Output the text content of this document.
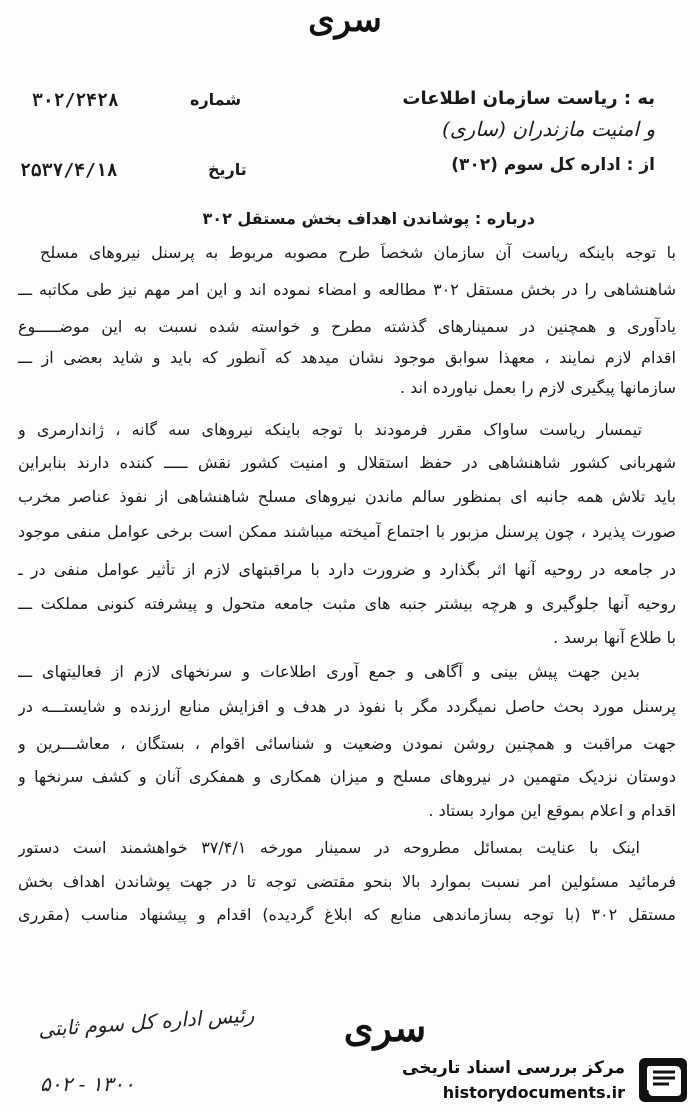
سری
به : ریاست سازمان اطلاعات
و امنیت مازندران (ساری)
از : اداره کل سوم (۳۰۲)
شماره
۳۰۲/۲۴۲۸
تاریخ
۲۵۳۷/۴/۱۸
درباره : پوشاندن اهداف بخش مستقل ۳۰۲
با توجه باینکه ریاست آن سازمان شخصاً طرح مصوبه مربوط به پرسنل نیروهای مسلح
شاهنشاهی را در بخش مستقل ۳۰۲ مطالعه و امضاء نموده اند و این امر مهم نیز طی مکاتبه ـــ
یادآوری و همچنین در سمینارهای گذشته مطرح و خواسته شده نسبت به این موضـــــوع
اقدام لازم نمایند ، معهذا سوابق موجود نشان میدهد که آنطور که باید و شاید بعضی از ـــ
سازمانها پیگیری لازم را بعمل نیاورده اند .
تیمسار ریاست ساواک مقرر فرمودند با توجه باینکه نیروهای سه گانه ، ژاندارمری و
شهربانی کشور شاهنشاهی در حفظ استقلال و امنیت کشور نقش ـــــ کننده دارند بنابراین
باید تلاش همه جانبه ای بمنظور سالم ماندن نیروهای مسلح شاهنشاهی از نفوذ عناصر مخرب
صورت پذیرد ، چون پرسنل مزبور با اجتماع آمیخته میباشند ممکن است برخی عوامل منفی موجود
در جامعه در روحیه آنها اثر بگذارد و ضرورت دارد با مراقبتهای لازم از تأثیر عوامل منفی در ـ
روحیه آنها جلوگیری و هرچه بیشتر جنبه های مثبت جامعه متحول و پیشرفته کنونی مملکت ـــ
با طلاع آنها برسد .
بدین جهت پیش بینی و آگاهی و جمع آوری اطلاعات و سرنخهای لازم از فعالیتهای ـــ
پرسنل مورد بحث حاصل نمیگردد مگر با نفوذ در هدف و افزایش منابع ارزنده و شایستـــه در
جهت مراقبت و همچنین روشن نمودن وضعیت و شناسائی اقوام ، بستگان ، معاشـــرین و
دوستان نزدیک متهمین در نیروهای مسلح و میزان همکاری و همفکری آنان و کشف سرنخها و
اقدام و اعلام بموقع این موارد بستاد .
اینک با عنایت بمسائل مطروحه در سمینار مورخه ۳۷/۴/۱ خواهشمند است دستور
فرمائید مسئولین امر نسبت بموارد بالا بنحو مقتضی توجه تا در جهت پوشاندن اهداف بخش
مستقل ۳۰۲ (با توجه بسازماندهی منابع که ابلاغ گردیده) اقدام و پیشنهاد مناسب (مقرری
رئیس اداره کل سوم ثابتی	سری
۵۰۲ - ۱۳۰۰
مرکز بررسی اسناد تاریخی
historydocuments.ir
